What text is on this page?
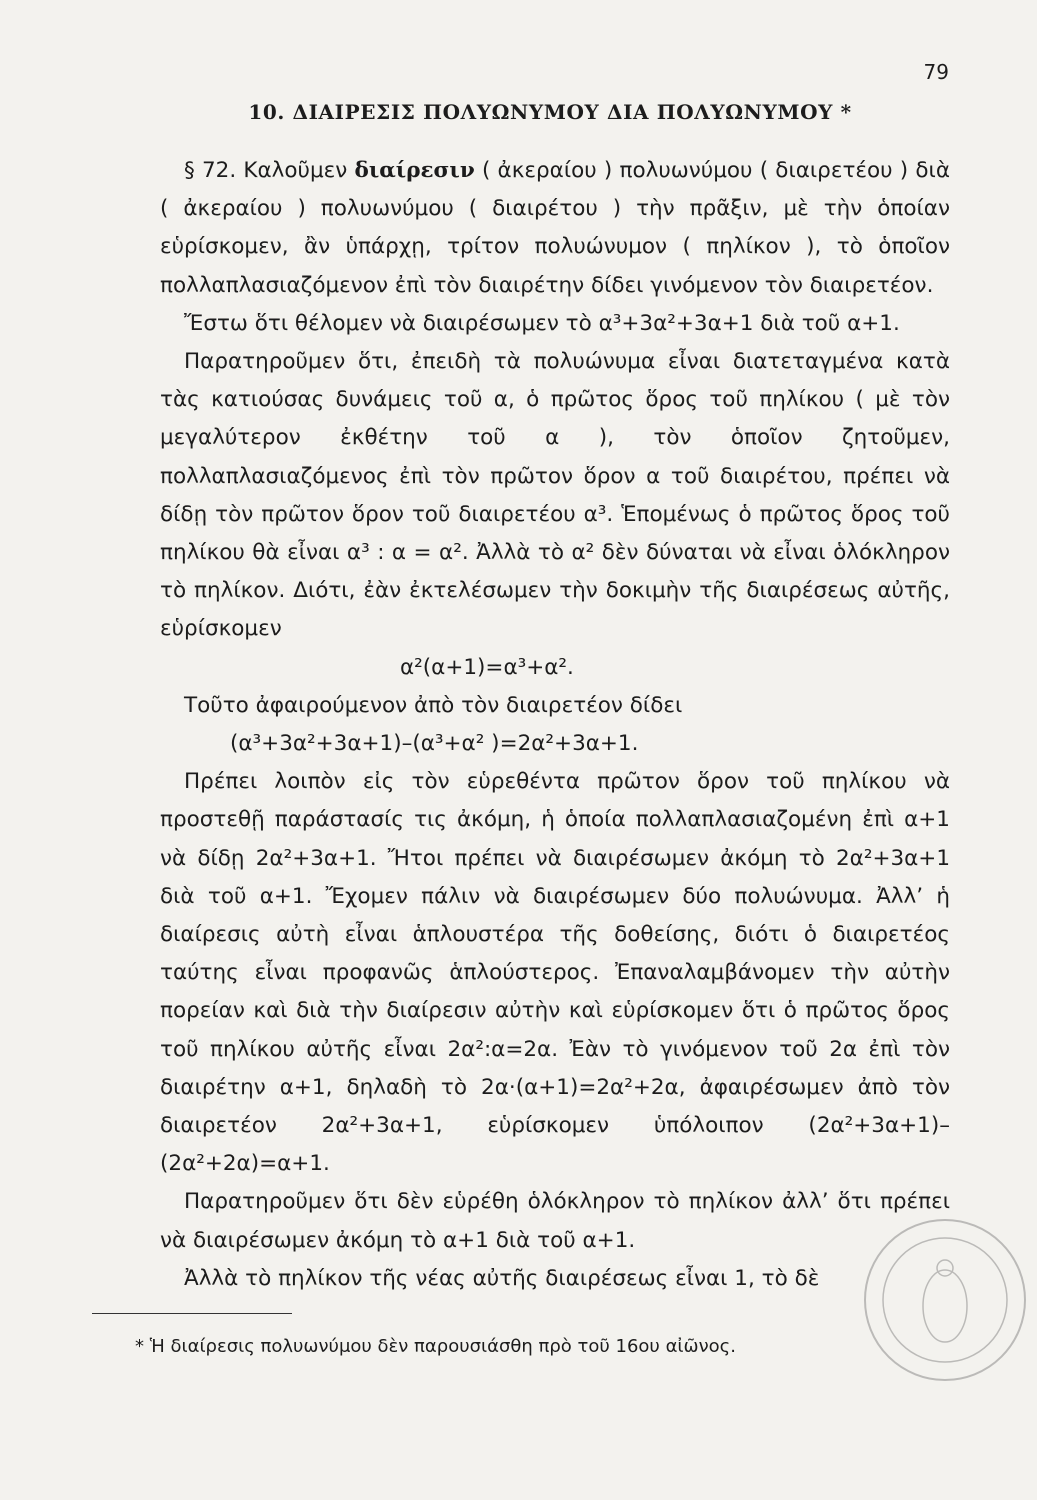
79
10. ΔΙΑΙΡΕΣΙΣ ΠΟΛΥΩΝΥΜΟΥ ΔΙΑ ΠΟΛΥΩΝΥΜΟΥ *

§ 72. Καλοῦμεν διαίρεσιν ( ἀκεραίου ) πολυωνύμου ( διαιρετέου ) διὰ ( ἀκεραίου ) πολυωνύμου ( διαιρέτου ) τὴν πρᾶξιν, μὲ τὴν ὁποίαν εὑρίσκομεν, ἂν ὑπάρχῃ, τρίτον πολυώνυμον ( πηλίκον ), τὸ ὁποῖον πολλαπλασιαζόμενον ἐπὶ τὸν διαιρέτην δίδει γινόμενον τὸν διαιρετέον.

Ἔστω ὅτι θέλομεν νὰ διαιρέσωμεν τὸ α³+3α²+3α+1 διὰ τοῦ α+1.

Παρατηροῦμεν ὅτι, ἐπειδὴ τὰ πολυώνυμα εἶναι διατεταγμένα κατὰ τὰς κατιούσας δυνάμεις τοῦ α, ὁ πρῶτος ὅρος τοῦ πηλίκου ( μὲ τὸν μεγαλύτερον ἐκθέτην τοῦ α ), τὸν ὁποῖον ζητοῦμεν, πολλαπλασιαζόμενος ἐπὶ τὸν πρῶτον ὅρον α τοῦ διαιρέτου, πρέπει νὰ δίδῃ τὸν πρῶτον ὅρον τοῦ διαιρετέου α³. Ἑπομένως ὁ πρῶτος ὅρος τοῦ πηλίκου θὰ εἶναι α³ : α = α². Ἀλλὰ τὸ α² δὲν δύναται νὰ εἶναι ὁλόκληρον τὸ πηλίκον. Διότι, ἐὰν ἐκτελέσωμεν τὴν δοκιμὴν τῆς διαιρέσεως αὐτῆς, εὑρίσκομεν

α²(α+1)=α³+α².

Τοῦτο ἀφαιρούμενον ἀπὸ τὸν διαιρετέον δίδει

(α³+3α²+3α+1)–(α³+α² )=2α²+3α+1.

Πρέπει λοιπὸν εἰς τὸν εὑρεθέντα πρῶτον ὅρον τοῦ πηλίκου νὰ προστεθῇ παράστασίς τις ἀκόμη, ἡ ὁποία πολλαπλασιαζομένη ἐπὶ α+1 νὰ δίδῃ 2α²+3α+1. Ἤτοι πρέπει νὰ διαιρέσωμεν ἀκόμη τὸ 2α²+3α+1 διὰ τοῦ α+1. Ἔχομεν πάλιν νὰ διαιρέσωμεν δύο πολυώνυμα. Ἀλλ’ ἡ διαίρεσις αὐτὴ εἶναι ἁπλουστέρα τῆς δοθείσης, διότι ὁ διαιρετέος ταύτης εἶναι προφανῶς ἁπλούστερος. Ἐπαναλαμβάνομεν τὴν αὐτὴν πορείαν καὶ διὰ τὴν διαίρεσιν αὐτὴν καὶ εὑρίσκομεν ὅτι ὁ πρῶτος ὅρος τοῦ πηλίκου αὐτῆς εἶναι 2α²:α=2α. Ἐὰν τὸ γινόμενον τοῦ 2α ἐπὶ τὸν διαιρέτην α+1, δηλαδὴ τὸ 2α·(α+1)=2α²+2α, ἀφαιρέσωμεν ἀπὸ τὸν διαιρετέον 2α²+3α+1, εὑρίσκομεν ὑπόλοιπον (2α²+3α+1)–(2α²+2α)=α+1.

Παρατηροῦμεν ὅτι δὲν εὑρέθη ὁλόκληρον τὸ πηλίκον ἀλλ’ ὅτι πρέπει νὰ διαιρέσωμεν ἀκόμη τὸ α+1 διὰ τοῦ α+1.

Ἀλλὰ τὸ πηλίκον τῆς νέας αὐτῆς διαιρέσεως εἶναι 1, τὸ δὲ

* Ἡ διαίρεσις πολυωνύμου δὲν παρουσιάσθη πρὸ τοῦ 16ου αἰῶνος.
